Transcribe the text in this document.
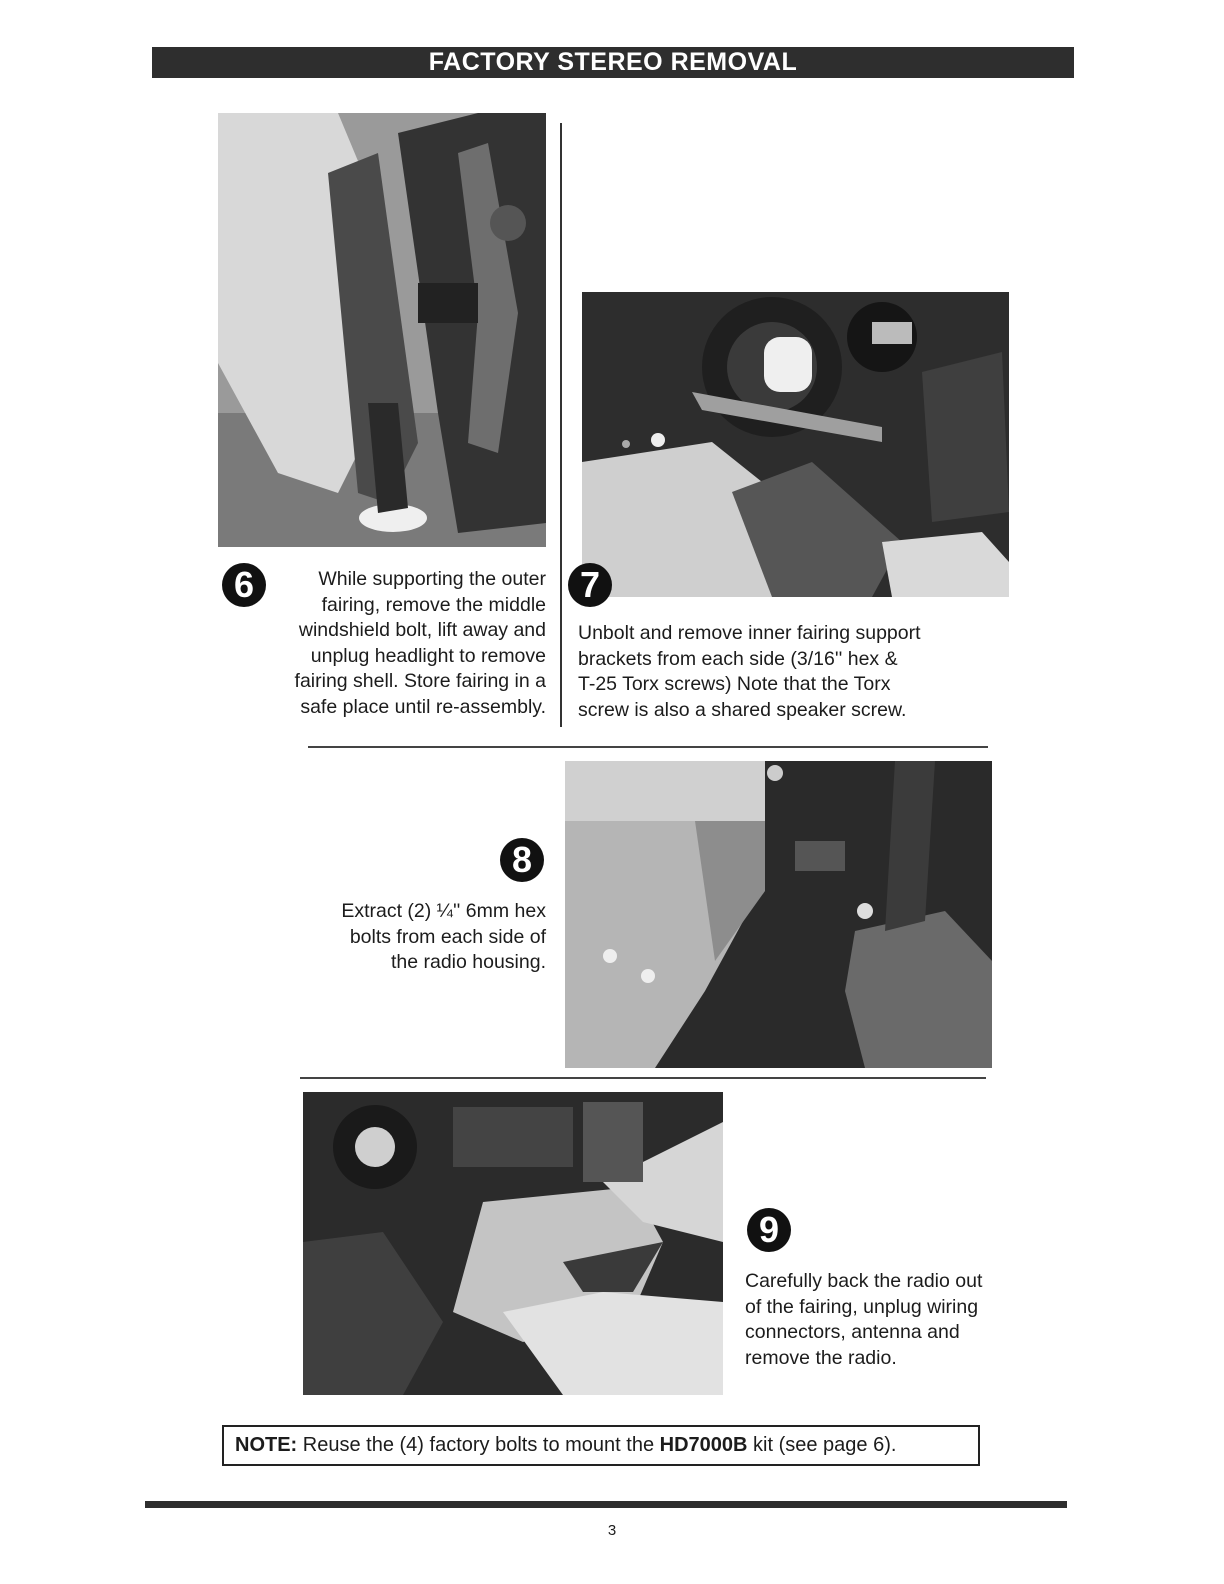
FACTORY STEREO REMOVAL
6	While supporting the outer
fairing, remove the middle
windshield bolt, lift away and
unplug headlight to remove
fairing shell. Store fairing in a
safe place until re-assembly.
7
Unbolt and remove inner fairing support
brackets from each side (3/16'' hex &
T-25 Torx screws) Note that the Torx
screw is also a shared speaker screw.
8
Extract (2) ¼'' 6mm hex
bolts from each side of
the radio housing.
9
Carefully back the radio out
of the fairing, unplug wiring
connectors, antenna and
remove the radio.
NOTE: Reuse the (4) factory bolts to mount the HD7000B kit (see page 6).
3
